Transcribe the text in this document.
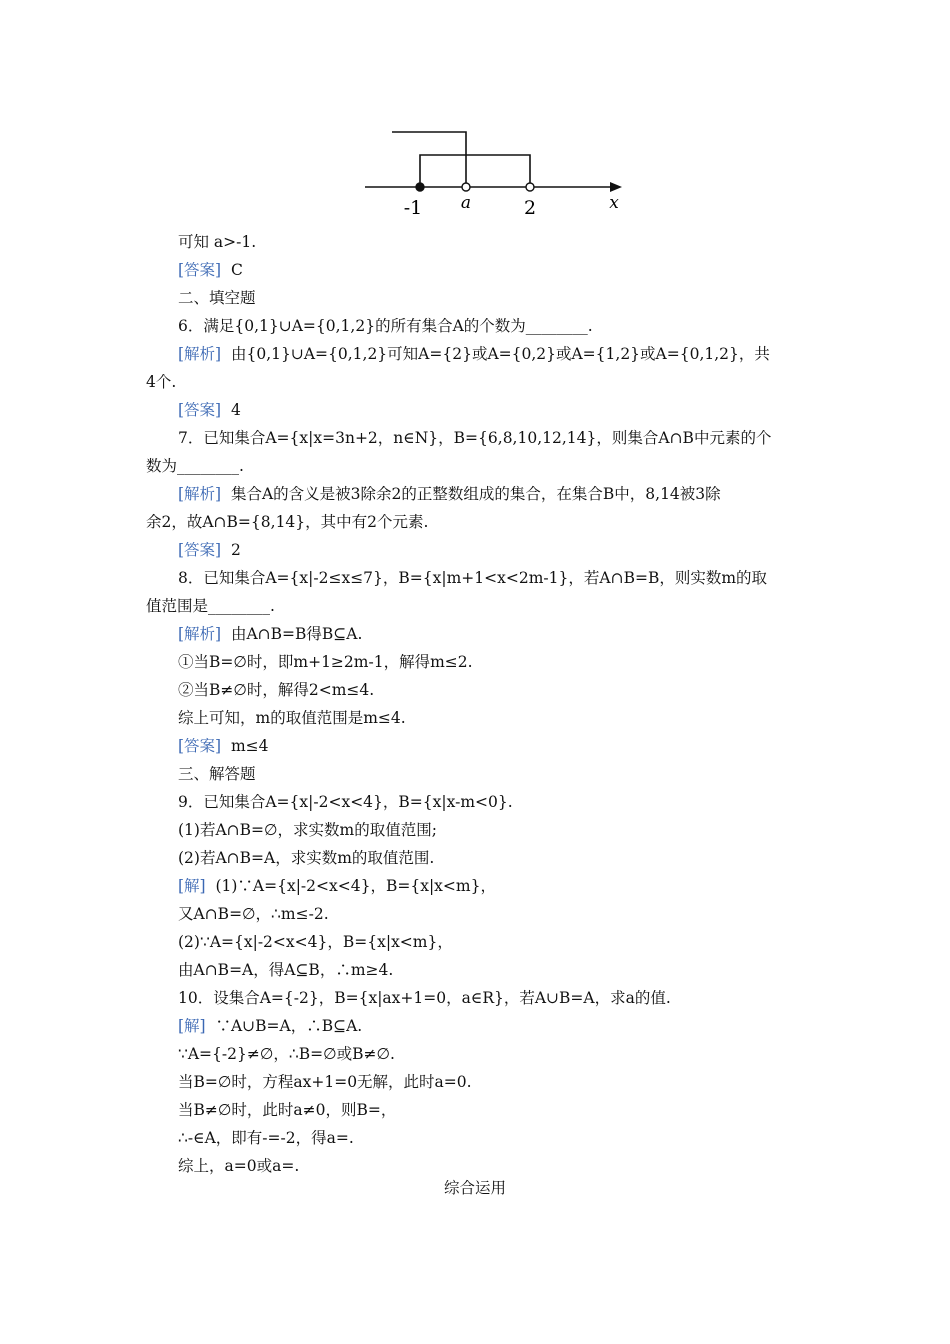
-1 a	2	x
可知 a>-1.
[答案] C
二、填空题
6．满足{0,1}∪A={0,1,2}的所有集合A的个数为________.
[解析] 由{0,1}∪A={0,1,2}可知A={2}或A={0,2}或A={1,2}或A={0,1,2}，共
4个.
[答案] 4
7．已知集合A={x|x=3n+2，n∈N}，B={6,8,10,12,14}，则集合A∩B中元素的个
数为________.
[解析] 集合A的含义是被3除余2的正整数组成的集合，在集合B中，8,14被3除
余2，故A∩B={8,14}，其中有2个元素.
[答案] 2
8．已知集合A={x|-2≤x≤7}，B={x|m+1<x<2m-1}，若A∩B=B，则实数m的取
值范围是________.
[解析] 由A∩B=B得B⊆A.
①当B=∅时，即m+1≥2m-1，解得m≤2.
②当B≠∅时，解得2<m≤4.
综上可知，m的取值范围是m≤4.
[答案] m≤4
三、解答题
9．已知集合A={x|-2<x<4}，B={x|x-m<0}.
(1)若A∩B=∅，求实数m的取值范围;
(2)若A∩B=A，求实数m的取值范围.
[解] (1)∵A={x|-2<x<4}，B={x|x<m}，
又A∩B=∅，∴m≤-2.
(2)∵A={x|-2<x<4}，B={x|x<m}，
由A∩B=A，得A⊆B，∴m≥4.
10．设集合A={-2}，B={x|ax+1=0，a∈R}，若A∪B=A，求a的值.
[解] ∵A∪B=A，∴B⊆A.
∵A={-2}≠∅，∴B=∅或B≠∅.
当B=∅时，方程ax+1=0无解，此时a=0.
当B≠∅时，此时a≠0，则B=，
∴-∈A，即有-=-2，得a=.
综上，a=0或a=.
综合运用
